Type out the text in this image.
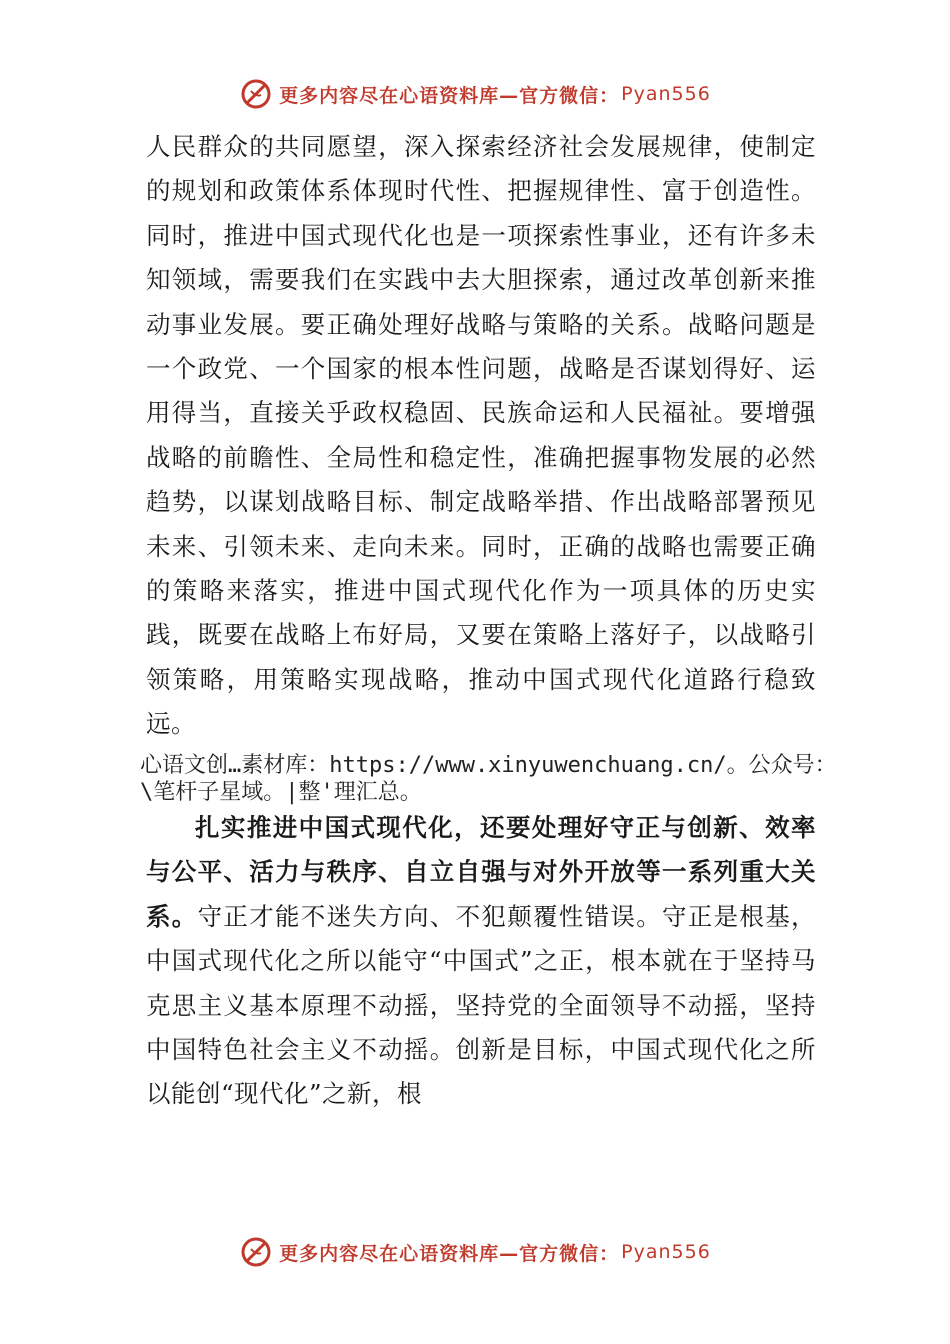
更多内容尽在心语资料库—官方微信： Pyan556
人民群众的共同愿望，深入探索经济社会发展规律，使制定的规划和政策体系体现时代性、把握规律性、富于创造性。同时，推进中国式现代化也是一项探索性事业，还有许多未知领域，需要我们在实践中去大胆探索，通过改革创新来推动事业发展。要正确处理好战略与策略的关系。战略问题是一个政党、一个国家的根本性问题，战略是否谋划得好、运用得当，直接关乎政权稳固、民族命运和人民福祉。要增强战略的前瞻性、全局性和稳定性，准确把握事物发展的必然趋势，以谋划战略目标、制定战略举措、作出战略部署预见未来、引领未来、走向未来。同时，正确的战略也需要正确的策略来落实，推进中国式现代化作为一项具体的历史实践，既要在战略上布好局，又要在策略上落好子，以战略引领策略，用策略实现战略，推动中国式现代化道路行稳致远。
心语文创…素材库：https://www.xinyuwenchuang.cn/。公众号：\笔杆子星域。|整'理汇总。
扎实推进中国式现代化，还要处理好守正与创新、效率与公平、活力与秩序、自立自强与对外开放等一系列重大关系。守正才能不迷失方向、不犯颠覆性错误。守正是根基，中国式现代化之所以能守“中国式”之正，根本就在于坚持马克思主义基本原理不动摇，坚持党的全面领导不动摇，坚持中国特色社会主义不动摇。创新是目标，中国式现代化之所以能创“现代化”之新，根
更多内容尽在心语资料库—官方微信： Pyan556
